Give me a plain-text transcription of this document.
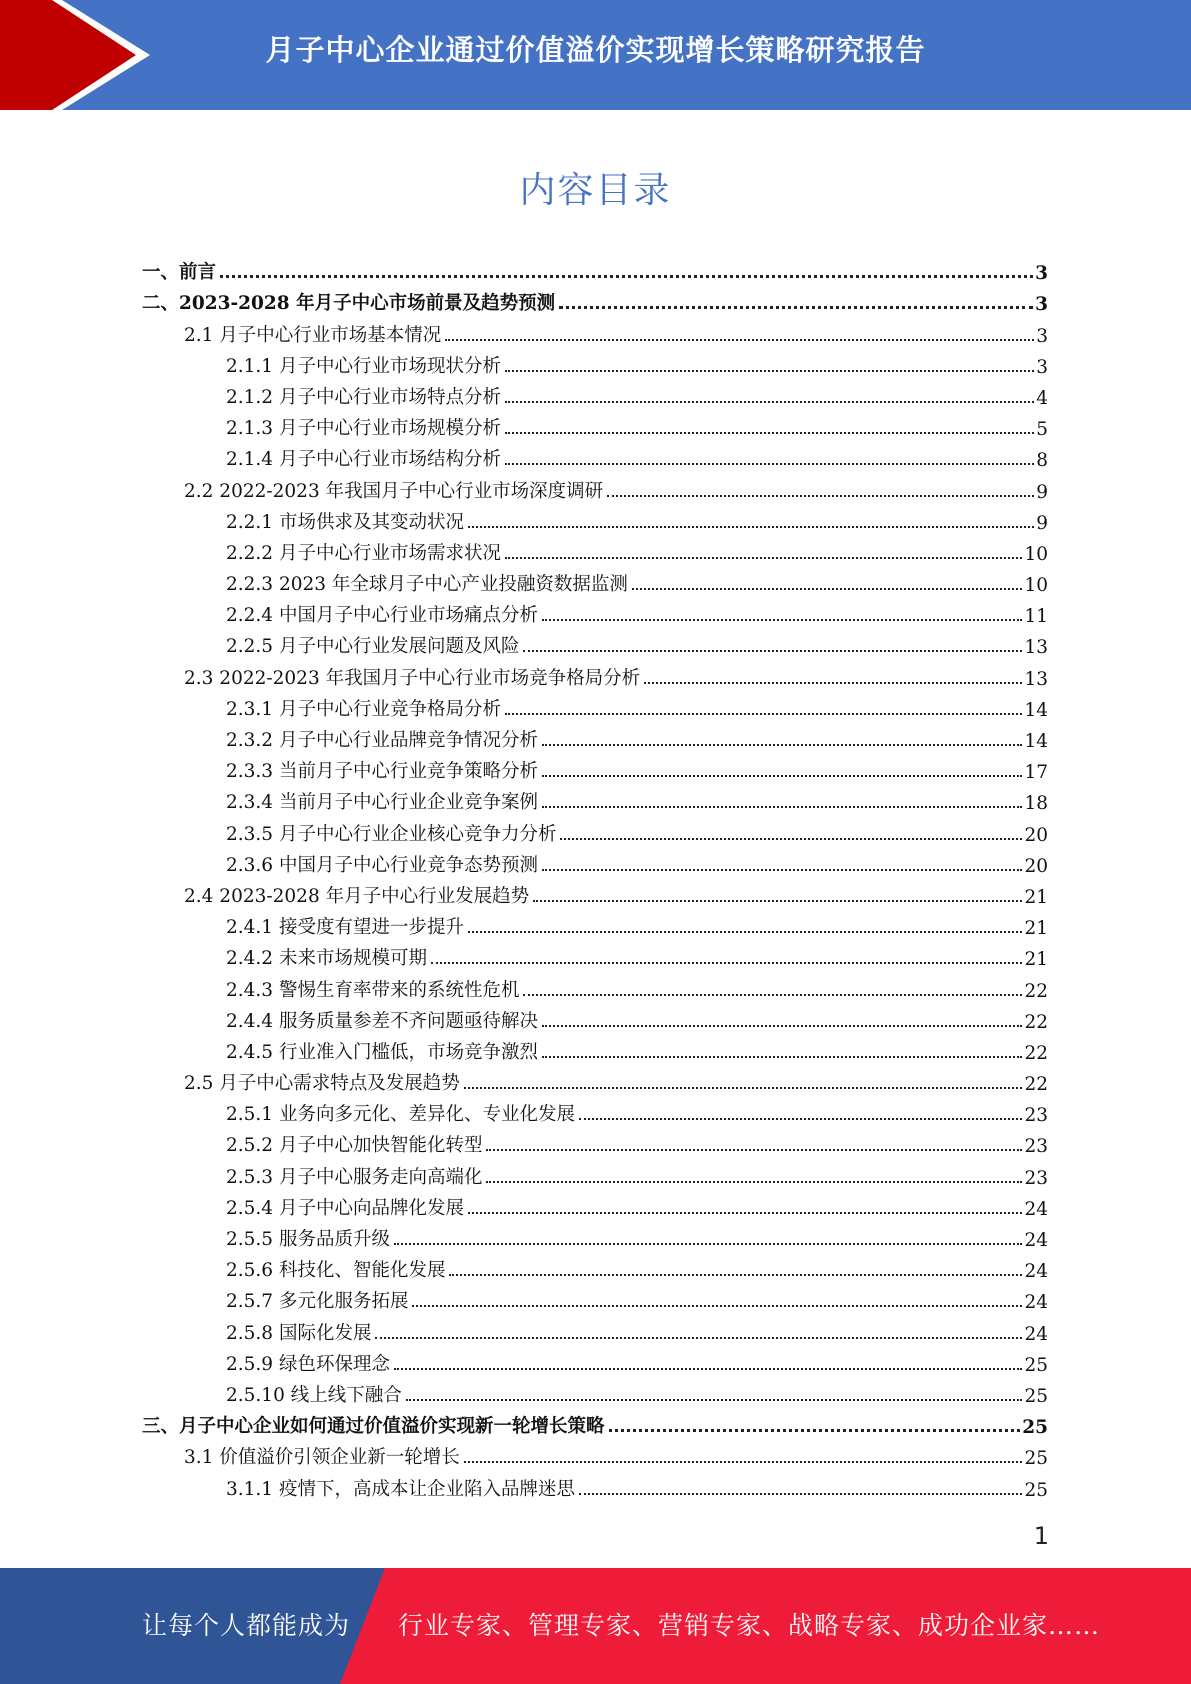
月子中心企业通过价值溢价实现增长策略研究报告
内容目录
一、前言	3
二、2023-2028 年月子中心市场前景及趋势预测	3
2.1 月子中心行业市场基本情况	3
2.1.1 月子中心行业市场现状分析	3
2.1.2 月子中心行业市场特点分析	4
2.1.3 月子中心行业市场规模分析	5
2.1.4 月子中心行业市场结构分析	8
2.2 2022-2023 年我国月子中心行业市场深度调研	9
2.2.1 市场供求及其变动状况	9
2.2.2 月子中心行业市场需求状况	10
2.2.3 2023 年全球月子中心产业投融资数据监测	10
2.2.4 中国月子中心行业市场痛点分析	11
2.2.5 月子中心行业发展问题及风险	13
2.3 2022-2023 年我国月子中心行业市场竞争格局分析	13
2.3.1 月子中心行业竞争格局分析	14
2.3.2 月子中心行业品牌竞争情况分析	14
2.3.3 当前月子中心行业竞争策略分析	17
2.3.4 当前月子中心行业企业竞争案例	18
2.3.5 月子中心行业企业核心竞争力分析	20
2.3.6 中国月子中心行业竞争态势预测	20
2.4 2023-2028 年月子中心行业发展趋势	21
2.4.1 接受度有望进一步提升	21
2.4.2 未来市场规模可期	21
2.4.3 警惕生育率带来的系统性危机	22
2.4.4 服务质量参差不齐问题亟待解决	22
2.4.5 行业准入门槛低，市场竞争激烈	22
2.5 月子中心需求特点及发展趋势	22
2.5.1 业务向多元化、差异化、专业化发展	23
2.5.2 月子中心加快智能化转型	23
2.5.3 月子中心服务走向高端化	23
2.5.4 月子中心向品牌化发展	24
2.5.5 服务品质升级	24
2.5.6 科技化、智能化发展	24
2.5.7 多元化服务拓展	24
2.5.8 国际化发展	24
2.5.9 绿色环保理念	25
2.5.10 线上线下融合	25
三、月子中心企业如何通过价值溢价实现新一轮增长策略	25
3.1 价值溢价引领企业新一轮增长	25
3.1.1 疫情下，高成本让企业陷入品牌迷思	25
1
让每个人都能成为 行业专家、管理专家、营销专家、战略专家、成功企业家……
